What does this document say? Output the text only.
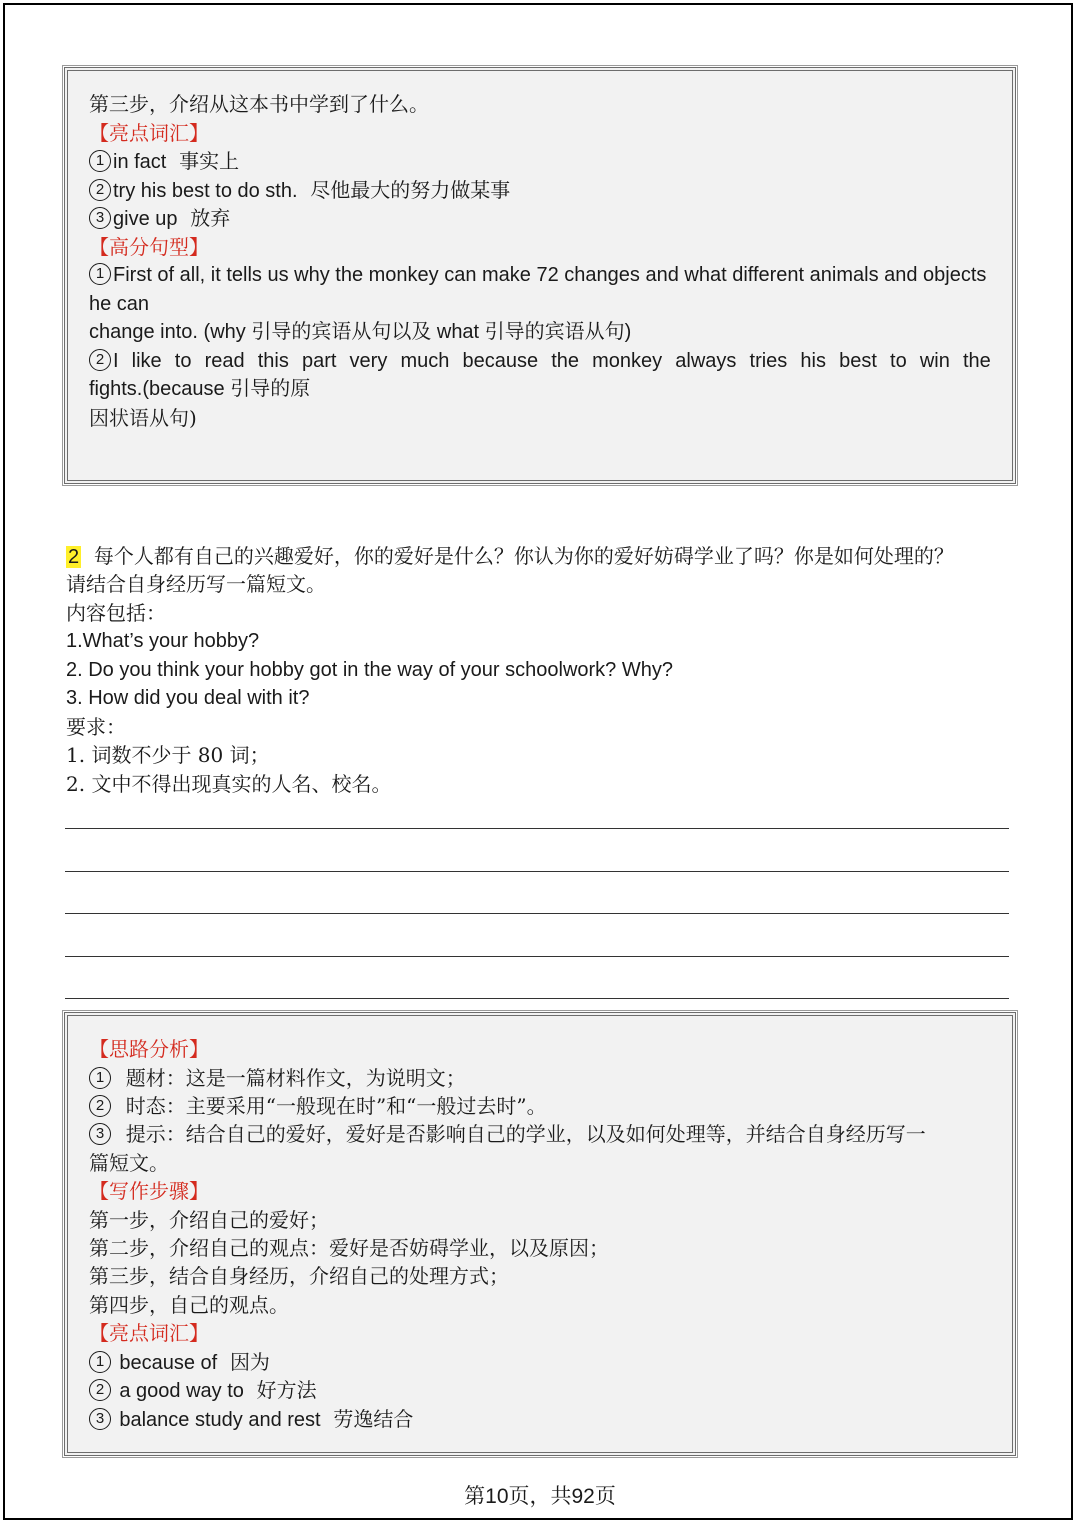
第三步，介绍从这本书中学到了什么。
【亮点词汇】
1 in fact 事实上
2 try his best to do sth. 尽他最大的努力做某事
3 give up 放弃
【高分句型】
1 First of all, it tells us why the monkey can make 72 changes and what different animals and objects
he can
change into. (why 引导的宾语从句以及 what 引导的宾语从句)
2 I like to read this part very much because the monkey always tries his best to win the
fights.(because 引导的原
因状语从句)
2 每个人都有自己的兴趣爱好，你的爱好是什么？你认为你的爱好妨碍学业了吗？你是如何处理的？
请结合自身经历写一篇短文。
内容包括：
1.What’s your hobby?
2. Do you think your hobby got in the way of your schoolwork? Why?
3. How did you deal with it?
要求：
1. 词数不少于 80 词；
2. 文中不得出现真实的人名、校名。
【思路分析】
1 题材：这是一篇材料作文，为说明文；
2 时态：主要采用“一般现在时”和“一般过去时”。
3 提示：结合自己的爱好，爱好是否影响自己的学业，以及如何处理等，并结合自身经历写一
篇短文。
【写作步骤】
第一步，介绍自己的爱好；
第二步，介绍自己的观点：爱好是否妨碍学业，以及原因；
第三步，结合自身经历，介绍自己的处理方式；
第四步，自己的观点。
【亮点词汇】
1 because of 因为
2 a good way to 好方法
3 balance study and rest 劳逸结合
第10页，共92页
